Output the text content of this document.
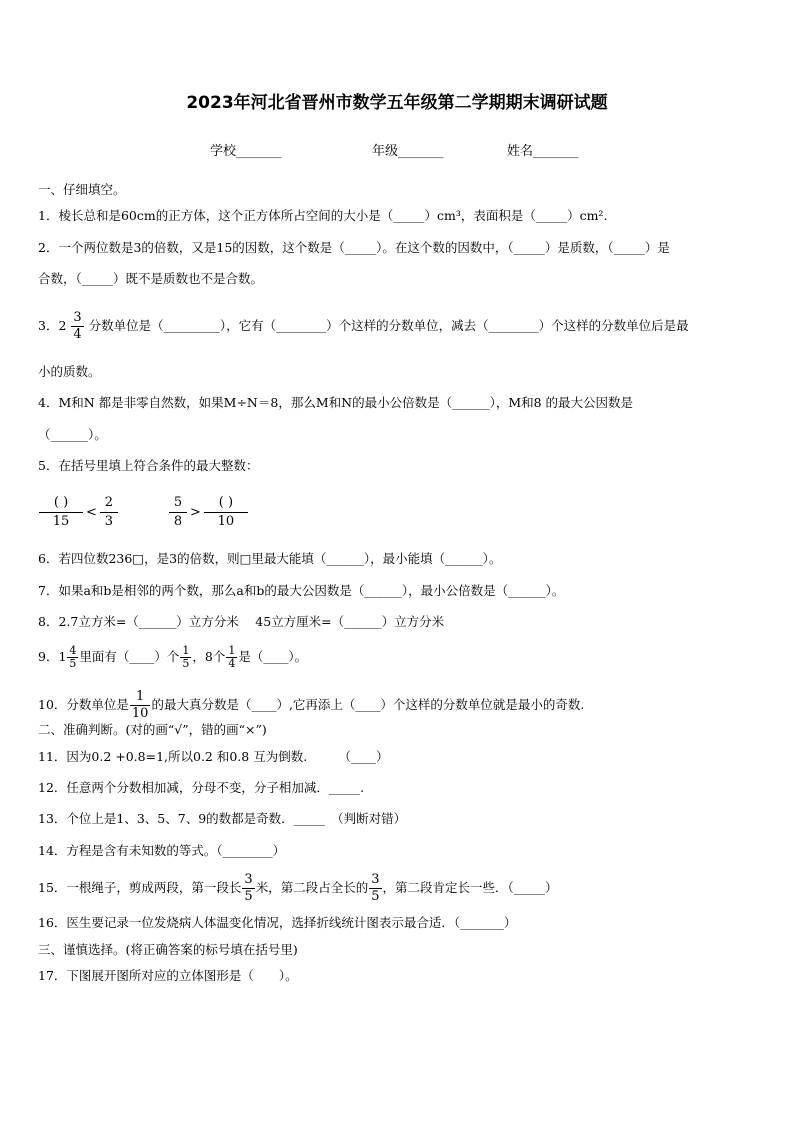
2023年河北省晋州市数学五年级第二学期期末调研试题
学校_______	年级_______	姓名_______
一、仔细填空。
1．棱长总和是60cm的正方体，这个正方体所占空间的大小是（_____）cm³，表面积是（_____）cm².
2．一个两位数是3的倍数，又是15的因数，这个数是（_____）。在这个数的因数中，（_____）是质数，（_____）是
合数，（_____）既不是质数也不是合数。
3．$2 \frac{3}{4}$ 分数单位是（_________），它有（________）个这样的分数单位，减去（________）个这样的分数单位后是最
小的质数。
4．M和N 都是非零自然数，如果M÷N＝8，那么M和N的最小公倍数是（______），M和8 的最大公因数是
（______）。
5．在括号里填上符合条件的最大整数：
$\frac{( )}{15} < \frac{2}{3}$	$\frac{5}{8} > \frac{( )}{10}$
6．若四位数236□，是3的倍数，则□里最大能填（______），最小能填（______）。
7．如果a和b是相邻的两个数，那么a和b的最大公因数是（______），最小公倍数是（______）。
8．2.7立方米=（______）立方分米　 45立方厘米=（______）立方分米
9．$1 \frac{4}{5}$ 里面有（____）个 $\frac{1}{5}$ ，8个 $\frac{1}{4}$ 是（____）。
10．分数单位是 $\frac{1}{10}$ 的最大真分数是（____）,它再添上（____）个这样的分数单位就是最小的奇数.
二、准确判断。(对的画“√”，错的画“×”)
11．因为0.2 +0.8=1,所以0.2 和0.8 互为倒数.　　　（____）
12．任意两个分数相加减，分母不变，分子相加减．_____.
13．个位上是1、3、5、7、9的数都是奇数．_____　（判断对错）
14．方程是含有未知数的等式。（________）
15．一根绳子，剪成两段，第一段长 $\frac{3}{5}$ 米，第二段占全长的 $\frac{3}{5}$ ，第二段肯定长一些．（_____）
16．医生要记录一位发烧病人体温变化情况，选择折线统计图表示最合适．（_______）
三、谨慎选择。(将正确答案的标号填在括号里)
17．下图展开图所对应的立体图形是（　　）。
